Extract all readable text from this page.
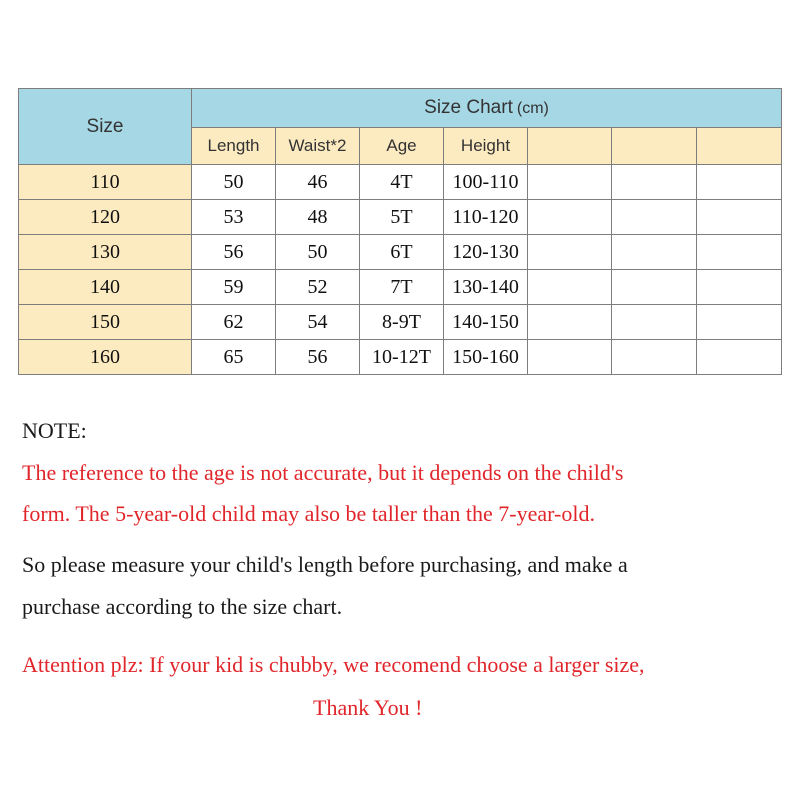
Size	Size Chart (cm)						
	Length	Waist*2	Age	Height			
110	50	46	4T	100-110			
120	53	48	5T	110-120			
130	56	50	6T	120-130			
140	59	52	7T	130-140			
150	62	54	8-9T	140-150			
160	65	56	10-12T	150-160			

NOTE:

The reference to the age is not accurate, but it depends on the child's

form. The 5-year-old child may also be taller than the 7-year-old.

So please measure your child's length before purchasing, and make a

purchase according to the size chart.

Attention plz: If your kid is chubby, we recomend choose a larger size,

Thank You !
